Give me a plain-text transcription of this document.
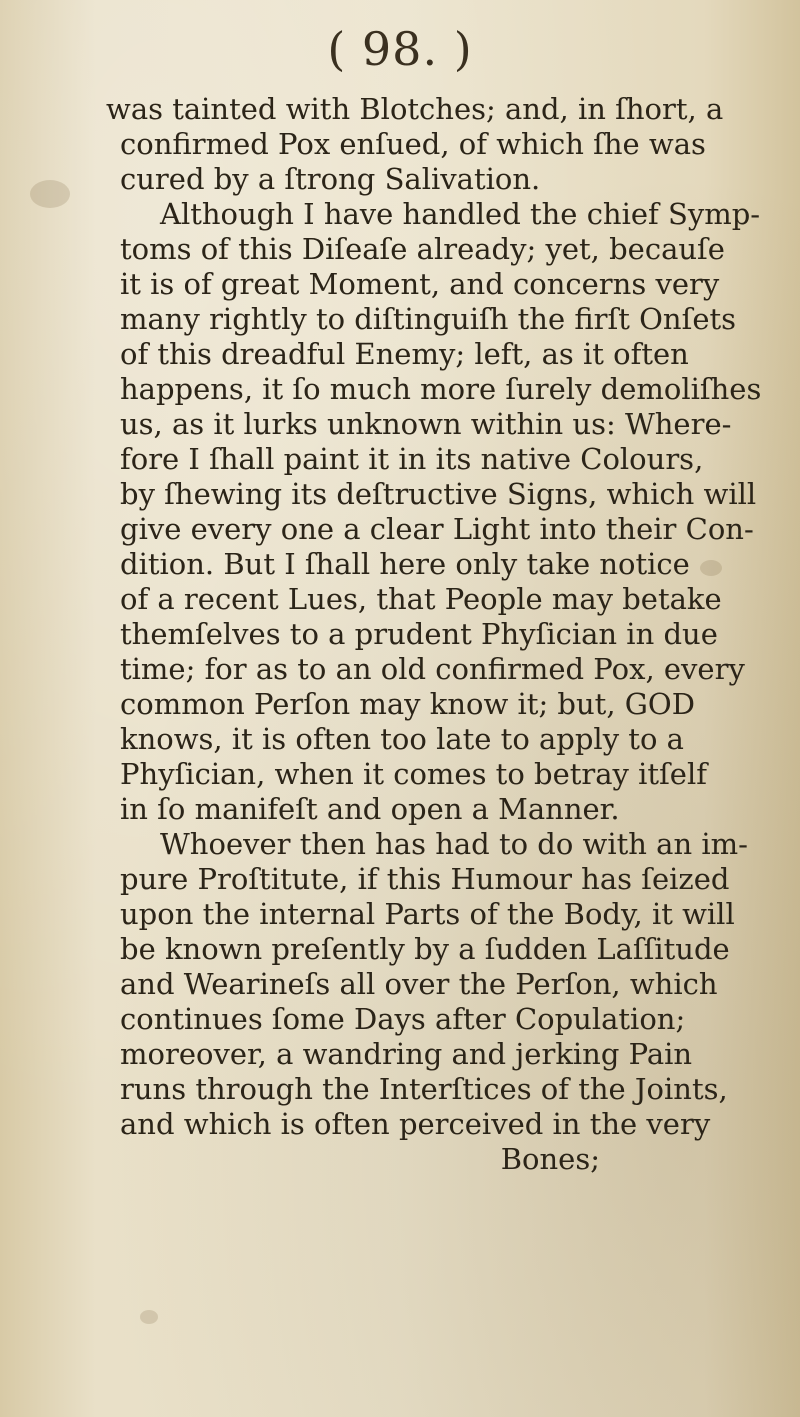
( 98. )
was tainted with Blotches; and, in ſhort, a
confirmed Pox enſued, of which ſhe was
cured by a ſtrong Salivation.
Although I have handled the chief Symp-
toms of this Diſeaſe already; yet, becauſe
it is of great Moment, and concerns very
many rightly to diſtinguiſh the firſt Onſets
of this dreadful Enemy; left, as it often
happens, it ſo much more ſurely demoliſhes
us, as it lurks unknown within us: Where-
fore I ſhall paint it in its native Colours,
by ſhewing its deſtructive Signs, which will
give every one a clear Light into their Con-
dition. But I ſhall here only take notice
of a recent Lues, that People may betake
themſelves to a prudent Phyſician in due
time; for as to an old confirmed Pox, every
common Perſon may know it; but, GOD
knows, it is often too late to apply to a
Phyſician, when it comes to betray itſelf
in ſo manifeſt and open a Manner.
Whoever then has had to do with an im-
pure Proſtitute, if this Humour has ſeized
upon the internal Parts of the Body, it will
be known preſently by a ſudden Laſſitude
and Wearineſs all over the Perſon, which
continues ſome Days after Copulation;
moreover, a wandring and jerking Pain
runs through the Interſtices of the Joints,
and which is often perceived in the very
Bones;
